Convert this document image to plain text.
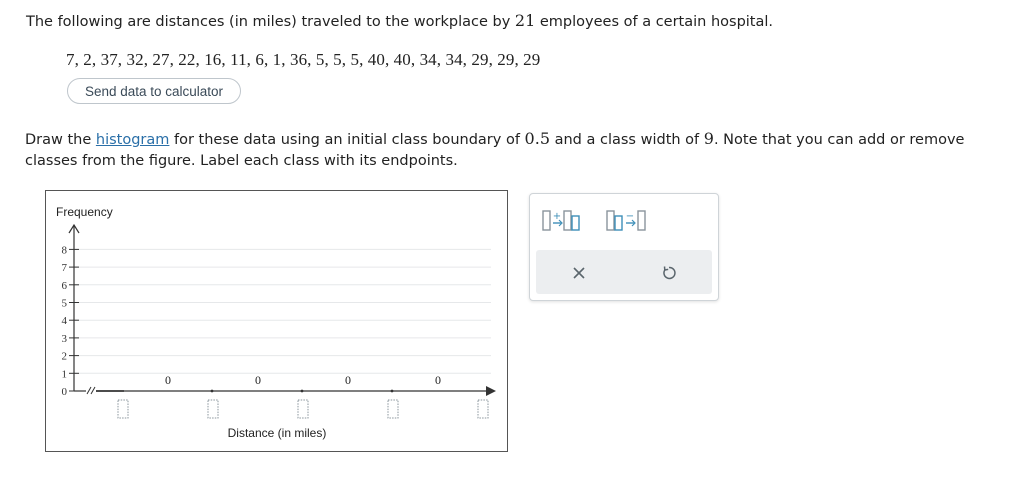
The following are distances (in miles) traveled to the workplace by 21 employees of a certain hospital.
7, 2, 37, 32, 27, 22, 16, 11, 6, 1, 36, 5, 5, 5, 40, 40, 34, 34, 29, 29, 29
Send data to calculator
Draw the histogram for these data using an initial class boundary of 0.5 and a class width of 9. Note that you can add or remove classes from the figure. Label each class with its endpoints.
Frequency
0
1
2
3
4
5
6
7
8
0	0	0	0
Distance (in miles)
+	−
